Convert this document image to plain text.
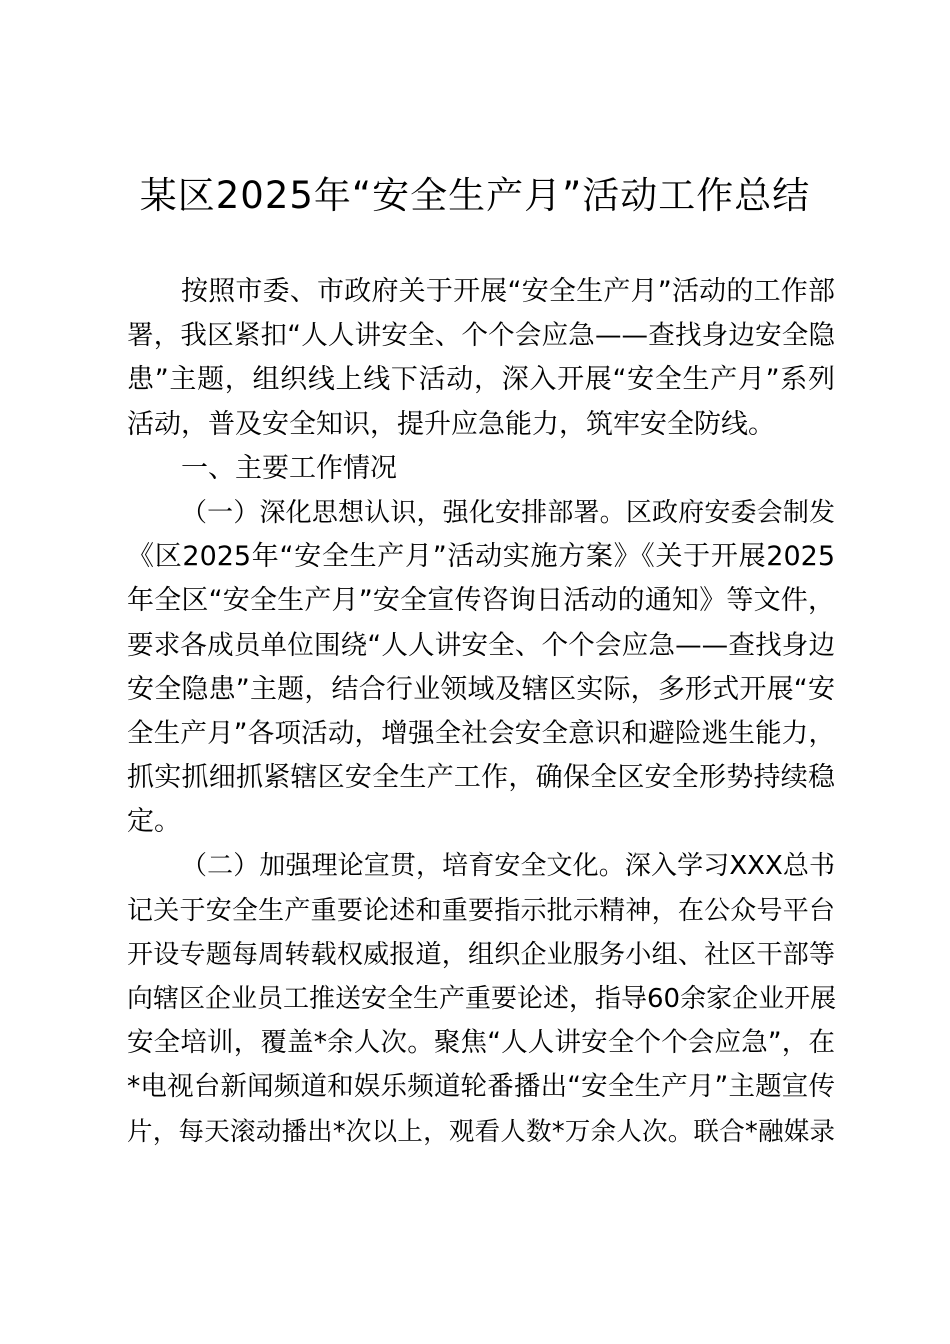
某区2025年“安全生产月”活动工作总结
按照市委、市政府关于开展“安全生产月”活动的工作部
署，我区紧扣“人人讲安全、个个会应急——查找身边安全隐
患”主题，组织线上线下活动，深入开展“安全生产月”系列
活动，普及安全知识，提升应急能力，筑牢安全防线。
一、主要工作情况
（一）深化思想认识，强化安排部署。区政府安委会制发
《区2025年“安全生产月”活动实施方案》《关于开展2025
年全区“安全生产月”安全宣传咨询日活动的通知》等文件，
要求各成员单位围绕“人人讲安全、个个会应急——查找身边
安全隐患”主题，结合行业领域及辖区实际，多形式开展“安
全生产月”各项活动，增强全社会安全意识和避险逃生能力，
抓实抓细抓紧辖区安全生产工作，确保全区安全形势持续稳
定。
（二）加强理论宣贯，培育安全文化。深入学习XXX总书
记关于安全生产重要论述和重要指示批示精神，在公众号平台
开设专题每周转载权威报道，组织企业服务小组、社区干部等
向辖区企业员工推送安全生产重要论述，指导60余家企业开展
安全培训，覆盖*余人次。聚焦“人人讲安全个个会应急”，在
*电视台新闻频道和娱乐频道轮番播出“安全生产月”主题宣传
片，每天滚动播出*次以上，观看人数*万余人次。联合*融媒录
